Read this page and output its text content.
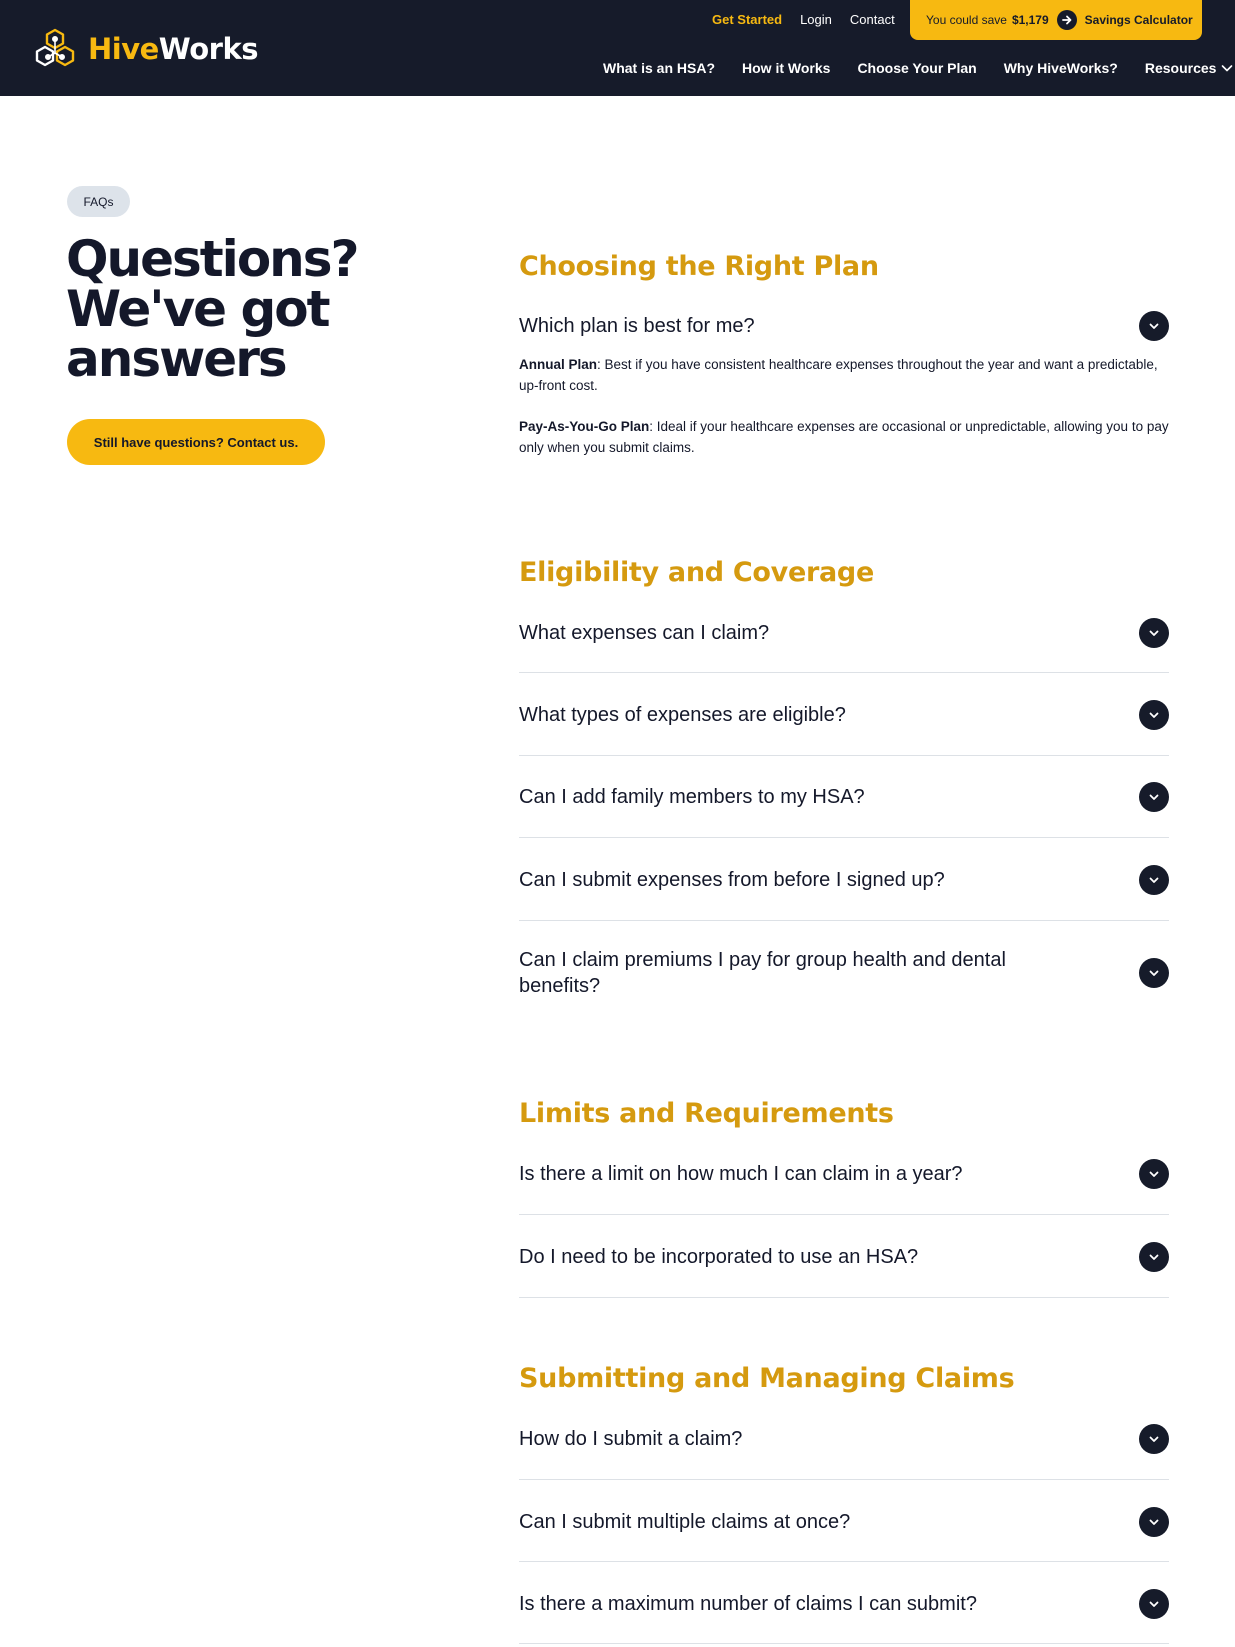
HiveWorks
Get Started Login Contact	You could save $1,179	Savings Calculator
What is an HSA? How it Works Choose Your Plan Why HiveWorks? Resources
FAQs
Questions?
We've got
answers
Still have questions? Contact us.
Choosing the Right Plan
Which plan is best for me?
Annual Plan: Best if you have consistent healthcare expenses throughout the year and want a predictable, up-front cost.
Pay-As-You-Go Plan: Ideal if your healthcare expenses are occasional or unpredictable, allowing you to pay only when you submit claims.
Eligibility and Coverage
What expenses can I claim?
What types of expenses are eligible?
Can I add family members to my HSA?
Can I submit expenses from before I signed up?
Can I claim premiums I pay for group health and dental benefits?
Limits and Requirements
Is there a limit on how much I can claim in a year?
Do I need to be incorporated to use an HSA?
Submitting and Managing Claims
How do I submit a claim?
Can I submit multiple claims at once?
Is there a maximum number of claims I can submit?
